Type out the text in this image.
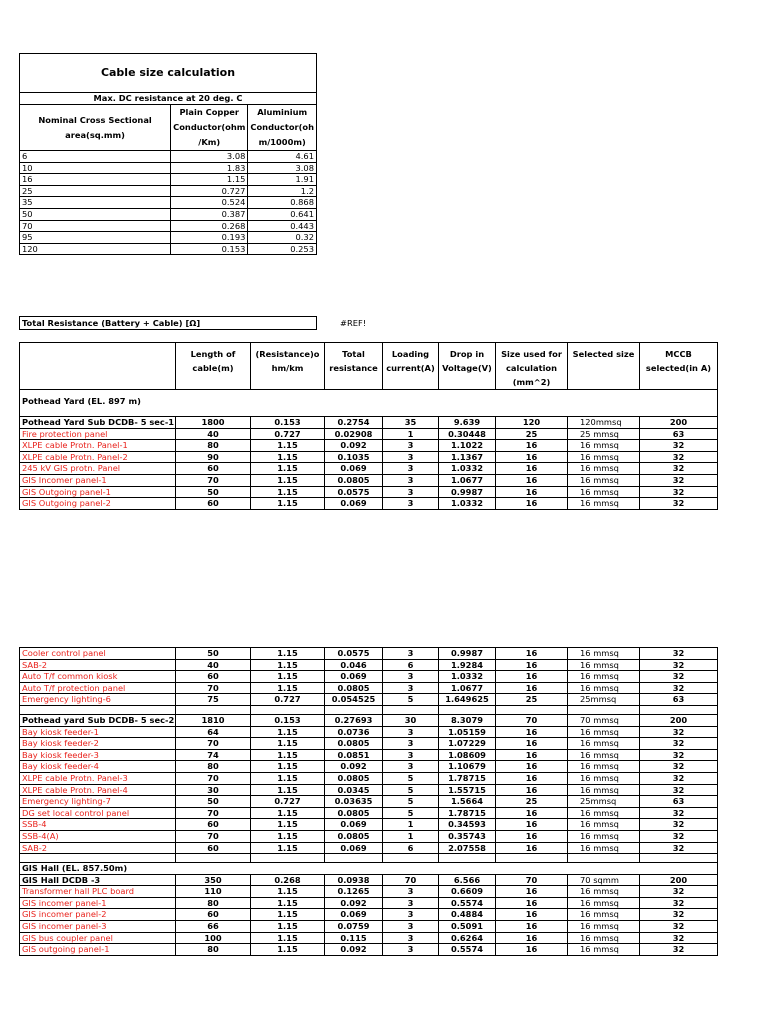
Cable size calculation		
Max. DC resistance at 20 deg. C		
Nominal Cross Sectional area(sq.mm)	Plain Copper Conductor(ohm /Km)	Aluminium Conductor(oh m/1000m)
6	3.08	4.61
10	1.83	3.08
16	1.15	1.91
25	0.727	1.2
35	0.524	0.868
50	0.387	0.641
70	0.268	0.443
95	0.193	0.32
120	0.153	0.253
Total Resistance (Battery + Cable) [Ω]	#REF!
	Length of cable(m)	(Resistance)ohm/km	Total resistance	Loading current(A)	Drop in Voltage(V)	Size used for calculation (mm^2)	Selected size	MCCB selected(in A)
Pothead Yard (EL. 897 m)								
Pothead Yard Sub DCDB- 5 sec-1	1800	0.153	0.2754	35	9.639	120	120mmsq	200
Fire protection panel	40	0.727	0.02908	1	0.30448	25	25 mmsq	63
XLPE cable Protn. Panel-1	80	1.15	0.092	3	1.1022	16	16 mmsq	32
XLPE cable Protn. Panel-2	90	1.15	0.1035	3	1.1367	16	16 mmsq	32
245 kV GIS protn. Panel	60	1.15	0.069	3	1.0332	16	16 mmsq	32
GIS Incomer panel-1	70	1.15	0.0805	3	1.0677	16	16 mmsq	32
GIS Outgoing panel-1	50	1.15	0.0575	3	0.9987	16	16 mmsq	32
GIS Outgoing panel-2	60	1.15	0.069	3	1.0332	16	16 mmsq	32
Cooler control panel	50	1.15	0.0575	3	0.9987	16	16 mmsq	32
SAB-2	40	1.15	0.046	6	1.9284	16	16 mmsq	32
Auto T/f common kiosk	60	1.15	0.069	3	1.0332	16	16 mmsq	32
Auto T/f protection panel	70	1.15	0.0805	3	1.0677	16	16 mmsq	32
Emergency lighting-6	75	0.727	0.054525	5	1.649625	25	25mmsq	63

Pothead yard Sub DCDB- 5 sec-2	1810	0.153	0.27693	30	8.3079	70	70 mmsq	200
Bay kiosk feeder-1	64	1.15	0.0736	3	1.05159	16	16 mmsq	32
Bay kiosk feeder-2	70	1.15	0.0805	3	1.07229	16	16 mmsq	32
Bay kiosk feeder-3	74	1.15	0.0851	3	1.08609	16	16 mmsq	32
Bay kiosk feeder-4	80	1.15	0.092	3	1.10679	16	16 mmsq	32
XLPE cable Protn. Panel-3	70	1.15	0.0805	5	1.78715	16	16 mmsq	32
XLPE cable Protn. Panel-4	30	1.15	0.0345	5	1.55715	16	16 mmsq	32
Emergency lighting-7	50	0.727	0.03635	5	1.5664	25	25mmsq	63
DG set local control panel	70	1.15	0.0805	5	1.78715	16	16 mmsq	32
SSB-4	60	1.15	0.069	1	0.34593	16	16 mmsq	32
SSB-4(A)	70	1.15	0.0805	1	0.35743	16	16 mmsq	32
SAB-2	60	1.15	0.069	6	2.07558	16	16 mmsq	32

GIS Hall (EL. 857.50m)								
GIS Hall DCDB -3	350	0.268	0.0938	70	6.566	70	70 sqmm	200
Transformer hall PLC board	110	1.15	0.1265	3	0.6609	16	16 mmsq	32
GIS incomer panel-1	80	1.15	0.092	3	0.5574	16	16 mmsq	32
GIS incomer panel-2	60	1.15	0.069	3	0.4884	16	16 mmsq	32
GIS incomer panel-3	66	1.15	0.0759	3	0.5091	16	16 mmsq	32
GIS bus coupler panel	100	1.15	0.115	3	0.6264	16	16 mmsq	32
GIS outgoing panel-1	80	1.15	0.092	3	0.5574	16	16 mmsq	32
